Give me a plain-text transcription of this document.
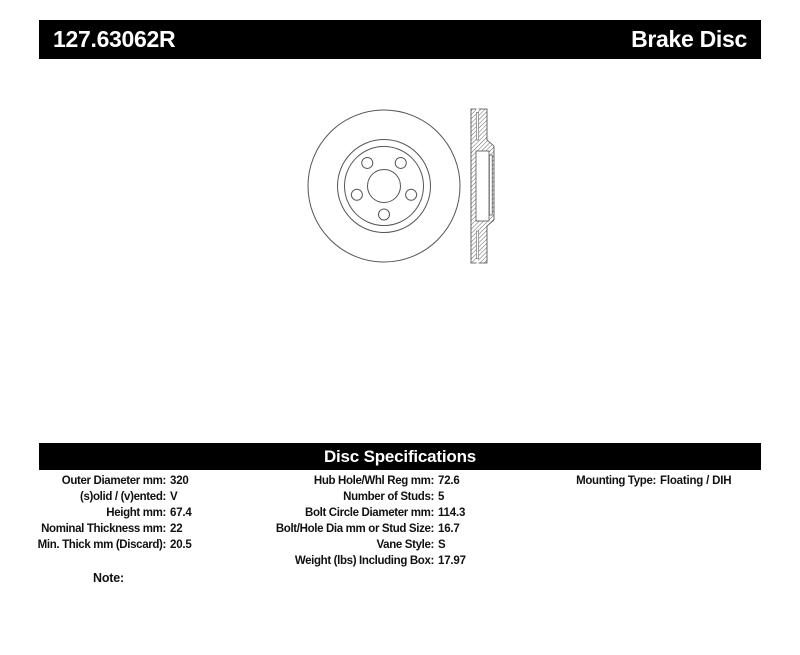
127.63062R	Brake Disc
Disc Specifications
Outer Diameter mm: 320
(s)olid / (v)ented: V
Height mm: 67.4
Nominal Thickness mm: 22
Min. Thick mm (Discard): 20.5
Hub Hole/Whl Reg mm: 72.6
Number of Studs: 5
Bolt Circle Diameter mm: 114.3
Bolt/Hole Dia mm or Stud Size: 16.7
Vane Style: S
Weight (lbs) Including Box: 17.97
Mounting Type: Floating / DIH
Note:
